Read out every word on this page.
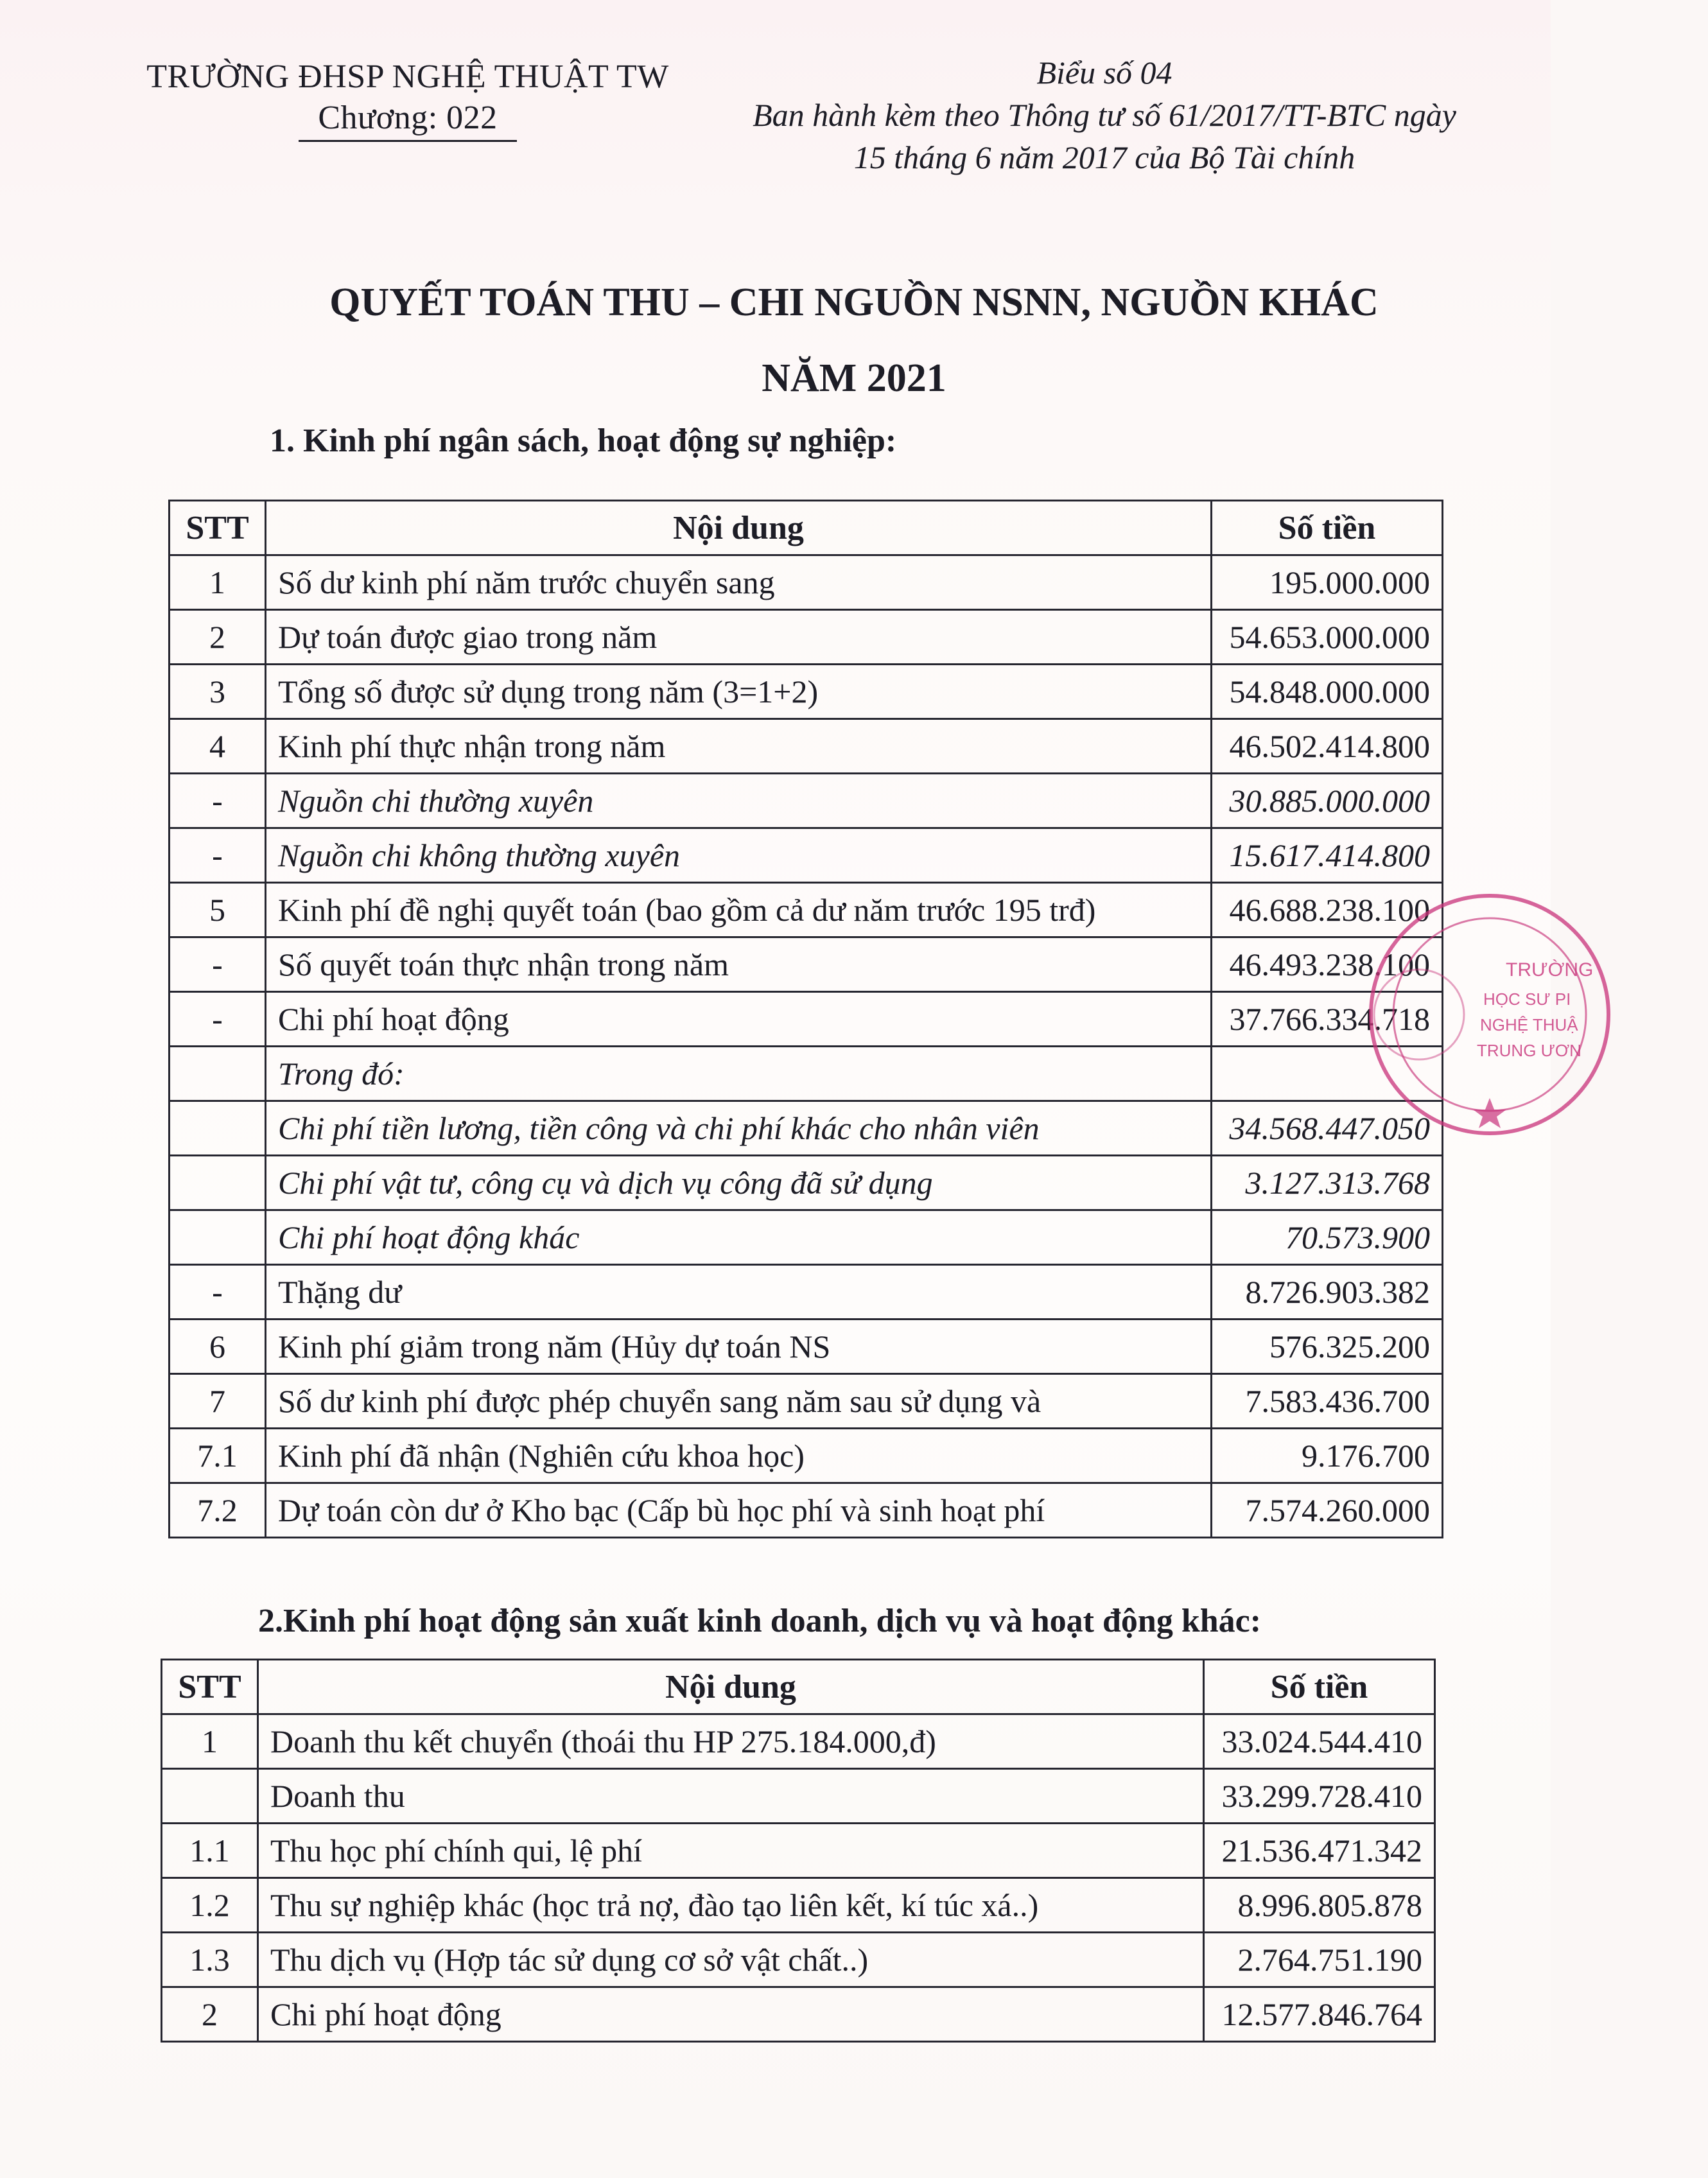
TRƯỜNG ĐHSP NGHỆ THUẬT TW
Chương: 022
Biểu số 04
Ban hành kèm theo Thông tư số 61/2017/TT-BTC ngày
15 tháng 6 năm 2017 của Bộ Tài chính
QUYẾT TOÁN THU – CHI NGUỒN NSNN, NGUỒN KHÁC
NĂM 2021
1. Kinh phí ngân sách, hoạt động sự nghiệp:
STT	Nội dung	Số tiền
1	Số dư kinh phí năm trước chuyển sang	195.000.000
2	Dự toán được giao trong năm	54.653.000.000
3	Tổng số được sử dụng trong năm (3=1+2)	54.848.000.000
4	Kinh phí thực nhận trong năm	46.502.414.800
-	Nguồn chi thường xuyên	30.885.000.000
-	Nguồn chi không thường xuyên	15.617.414.800
5	Kinh phí đề nghị quyết toán (bao gồm cả dư năm trước 195 trđ)	46.688.238.100
-	Số quyết toán thực nhận trong năm	46.493.238.100
-	Chi phí hoạt động	37.766.334.718
	Trong đó:	
	Chi phí tiền lương, tiền công và chi phí khác cho nhân viên	34.568.447.050
	Chi phí vật tư, công cụ và dịch vụ công đã sử dụng	3.127.313.768
	Chi phí hoạt động khác	70.573.900
-	Thặng dư	8.726.903.382
6	Kinh phí giảm trong năm (Hủy dự toán NS	576.325.200
7	Số dư kinh phí được phép chuyển sang năm sau sử dụng và	7.583.436.700
7.1	Kinh phí đã nhận (Nghiên cứu khoa học)	9.176.700
7.2	Dự toán còn dư ở Kho bạc (Cấp bù học phí và sinh hoạt phí	7.574.260.000
2.Kinh phí hoạt động sản xuất kinh doanh, dịch vụ và hoạt động khác:
STT	Nội dung	Số tiền
1	Doanh thu kết chuyển (thoái thu HP 275.184.000,đ)	33.024.544.410
	Doanh thu	33.299.728.410
1.1	Thu học phí chính qui, lệ phí	21.536.471.342
1.2	Thu sự nghiệp khác (học trả nợ, đào tạo liên kết, kí túc xá..)	8.996.805.878
1.3	Thu dịch vụ (Hợp tác sử dụng cơ sở vật chất..)	2.764.751.190
2	Chi phí hoạt động	12.577.846.764
TRƯỜNG
HỌC SƯ PI
NGHỆ THUẬ
TRUNG ƯƠN
